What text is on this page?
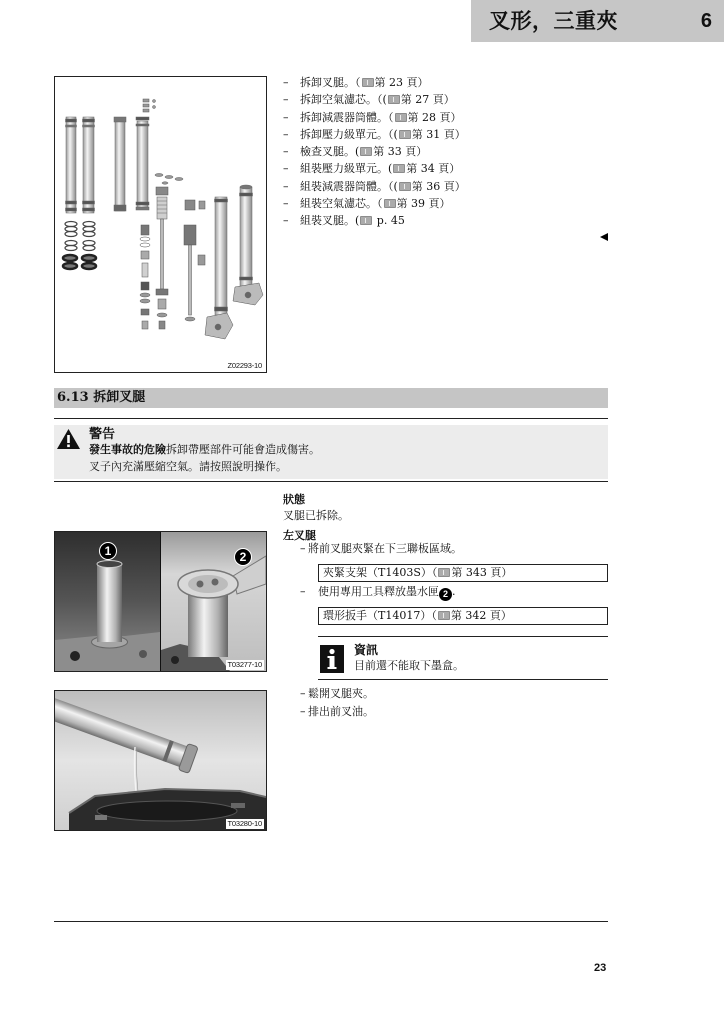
叉形，三重夾	6
Z02293-10
– 拆卸叉腿。（ 第 23 頁）
– 拆卸空氣濾芯。（( 第 27 頁）
– 拆卸減震器筒體。（ 第 28 頁）
– 拆卸壓力級單元。（( 第 31 頁）
– 檢查叉腿。( 第 33 頁）
– 組裝壓力級單元。( 第 34 頁）
– 組裝減震器筒體。（( 第 36 頁）
– 組裝空氣濾芯。（ 第 39 頁）
– 組裝叉腿。( p. 45
6.13 拆卸叉腿
警告
發生事故的危險拆卸帶壓部件可能會造成傷害。
叉子內充滿壓縮空氣。請按照說明操作。
狀態
叉腿已拆除。
左叉腿
– 將前叉腿夾緊在下三聯板區域。
夾緊支架（T1403S）（ 第 343 頁）
– 使用專用工具釋放墨水匣 2 .
環形扳手（T14017）（ 第 342 頁）
資訊
目前還不能取下墨盒。
– 鬆開叉腿夾。
– 排出前叉油。
1	2
T03277-10
T03280-10
23
